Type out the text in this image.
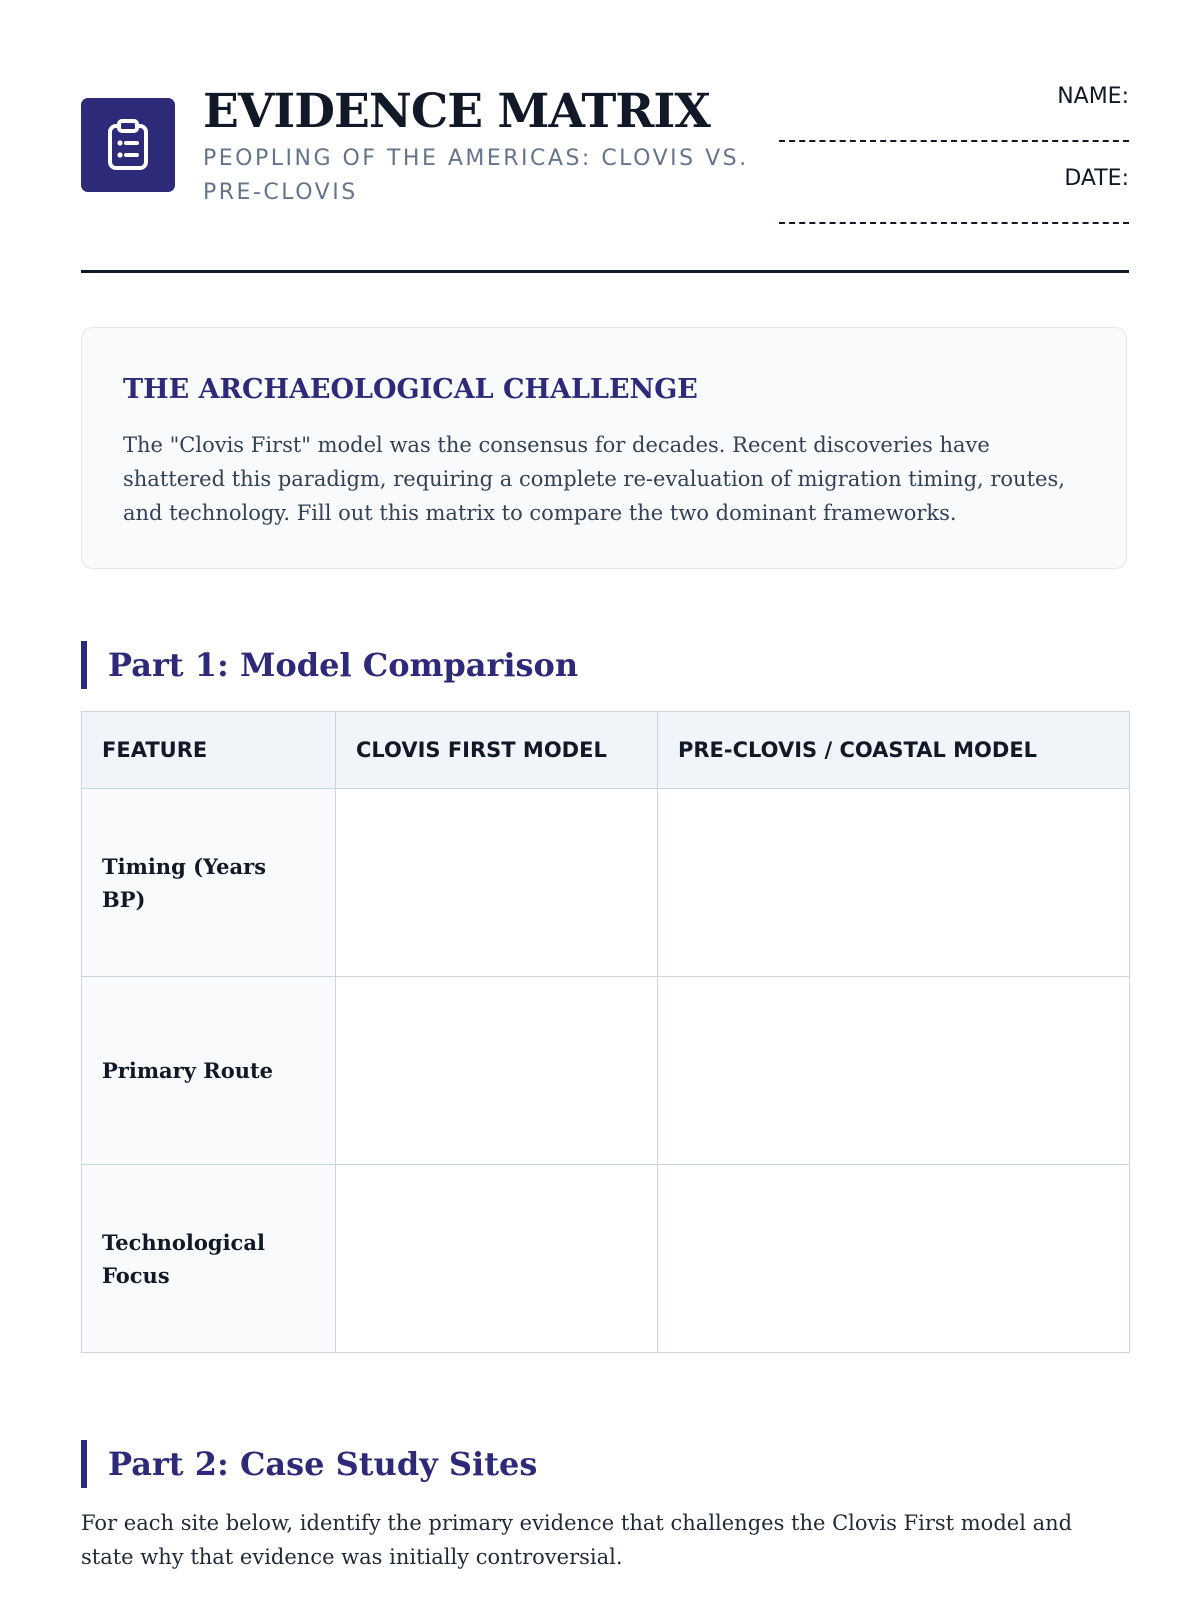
EVIDENCE MATRIX
PEOPLING OF THE AMERICAS: CLOVIS VS. PRE-CLOVIS
NAME:
DATE:
THE ARCHAEOLOGICAL CHALLENGE

The "Clovis First" model was the consensus for decades. Recent discoveries have shattered this paradigm, requiring a complete re-evaluation of migration timing, routes, and technology. Fill out this matrix to compare the two dominant frameworks.

Part 1: Model Comparison
FEATURE	CLOVIS FIRST MODEL	PRE-CLOVIS / COASTAL MODEL
Timing (Years BP)		
Primary Route		
Technological Focus		
Part 2: Case Study Sites

For each site below, identify the primary evidence that challenges the Clovis First model and state why that evidence was initially controversial.
